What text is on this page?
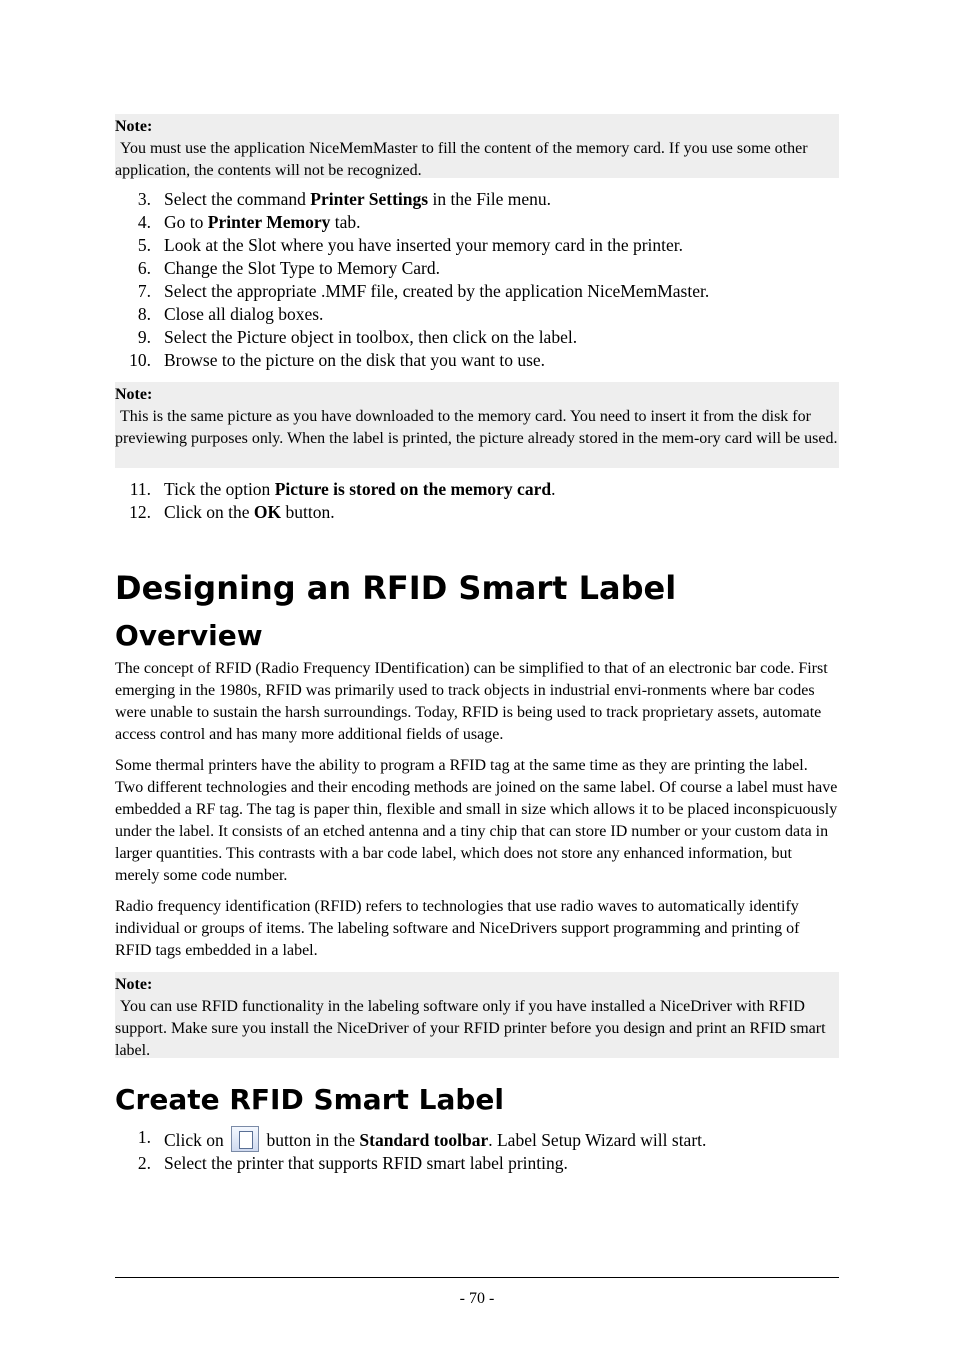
Note:
You must use the application NiceMemMaster to fill the content of the memory card. If you use some other application, the contents will not be recognized.
3. Select the command Printer Settings in the File menu.
4. Go to Printer Memory tab.
5. Look at the Slot where you have inserted your memory card in the printer.
6. Change the Slot Type to Memory Card.
7. Select the appropriate .MMF file, created by the application NiceMemMaster.
8. Close all dialog boxes.
9. Select the Picture object in toolbox, then click on the label.
10. Browse to the picture on the disk that you want to use.
Note:
This is the same picture as you have downloaded to the memory card. You need to insert it from the disk for previewing purposes only. When the label is printed, the picture already stored in the mem-ory card will be used.
11. Tick the option Picture is stored on the memory card.
12. Click on the OK button.
Designing an RFID Smart Label
Overview

The concept of RFID (Radio Frequency IDentification) can be simplified to that of an electronic bar code. First emerging in the 1980s, RFID was primarily used to track objects in industrial envi-ronments where bar codes were unable to sustain the harsh surroundings. Today, RFID is being used to track proprietary assets, automate access control and has many more additional fields of usage.

Some thermal printers have the ability to program a RFID tag at the same time as they are printing the label. Two different technologies and their encoding methods are joined on the same label. Of course a label must have embedded a RF tag. The tag is paper thin, flexible and small in size which allows it to be placed inconspicuously under the label. It consists of an etched antenna and a tiny chip that can store ID number or your custom data in larger quantities. This contrasts with a bar code label, which does not store any enhanced information, but merely some code number.

Radio frequency identification (RFID) refers to technologies that use radio waves to automatically identify individual or groups of items. The labeling software and NiceDrivers support programming and printing of RFID tags embedded in a label.

Note:
You can use RFID functionality in the labeling software only if you have installed a NiceDriver with RFID support. Make sure you install the NiceDriver of your RFID printer before you design and print an RFID smart label.
Create RFID Smart Label
1. Click on  button in the Standard toolbar. Label Setup Wizard will start.
2. Select the printer that supports RFID smart label printing.
- 70 -
